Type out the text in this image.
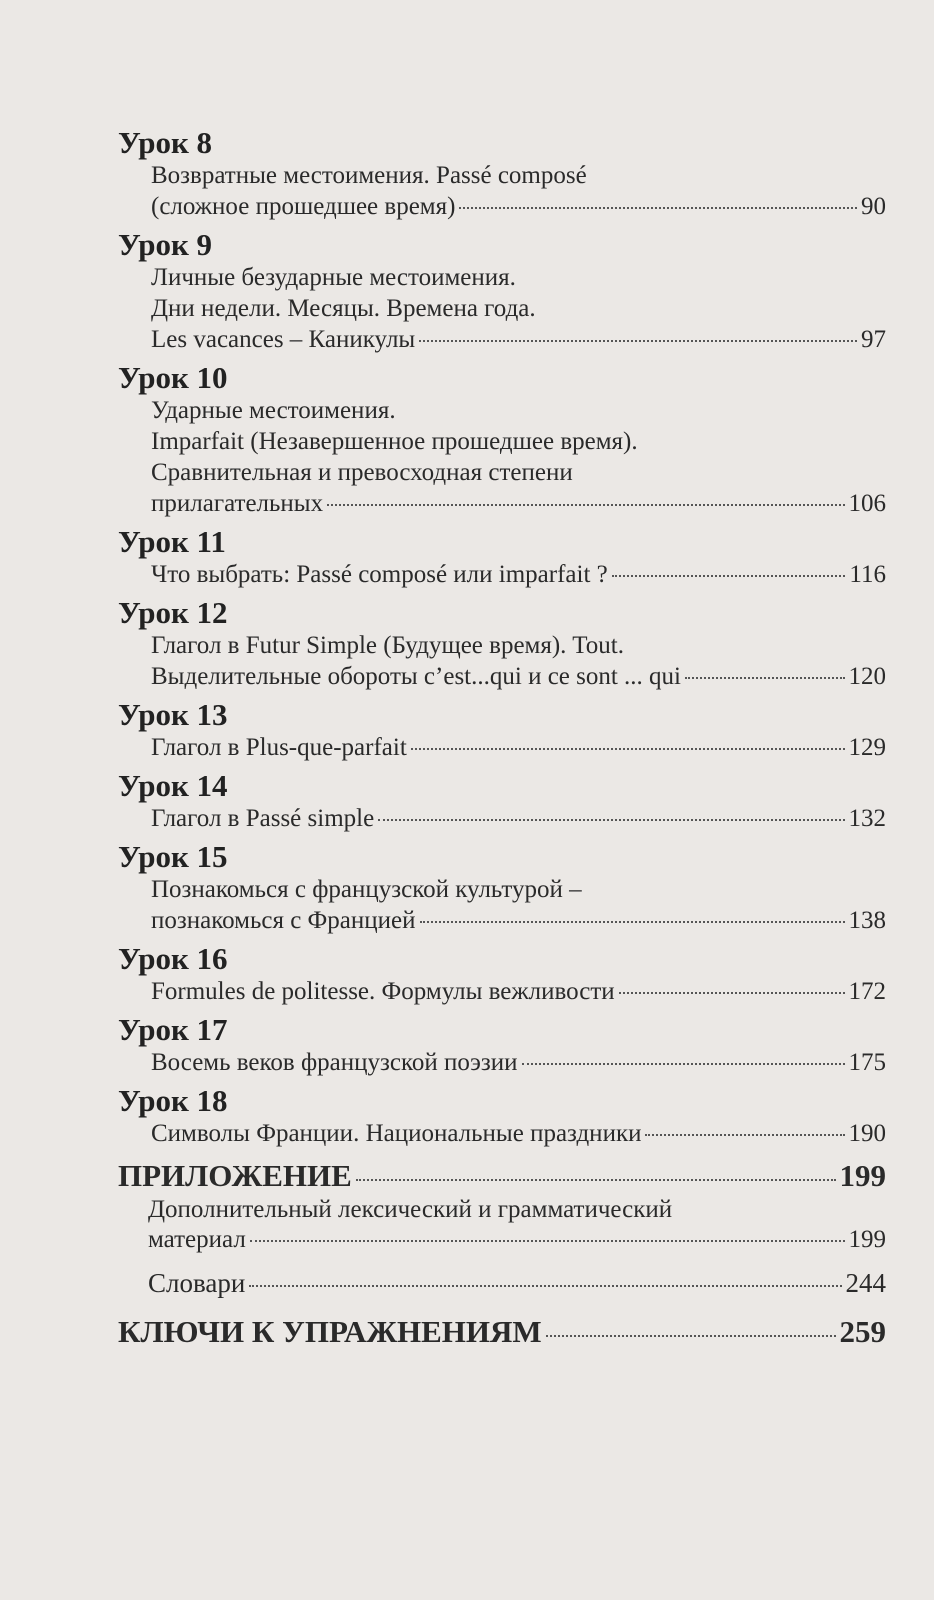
Урок 8
Возвратные местоимения. Passé composé
(сложное прошедшее время)	90
Урок 9
Личные безударные местоимения.
Дни недели. Месяцы. Времена года.
Les vacances – Каникулы	97
Урок 10
Ударные местоимения.
Imparfait (Незавершенное прошедшее время).
Сравнительная и превосходная степени
прилагательных	106
Урок 11
Что выбрать: Passé composé или imparfait ?	116
Урок 12
Глагол в Futur Simple (Будущее время). Tout.
Выделительные обороты c’est...qui и ce sont ... qui	120
Урок 13
Глагол в Plus-que-parfait	129
Урок 14
Глагол в Passé simple	132
Урок 15
Познакомься с французской культурой –
познакомься с Францией	138
Урок 16
Formules de politesse. Формулы вежливости	172
Урок 17
Восемь веков французской поэзии	175
Урок 18
Символы Франции. Национальные праздники	190
ПРИЛОЖЕНИЕ	199
Дополнительный лексический и грамматический
материал	199
Словари	244
КЛЮЧИ К УПРАЖНЕНИЯМ	259
